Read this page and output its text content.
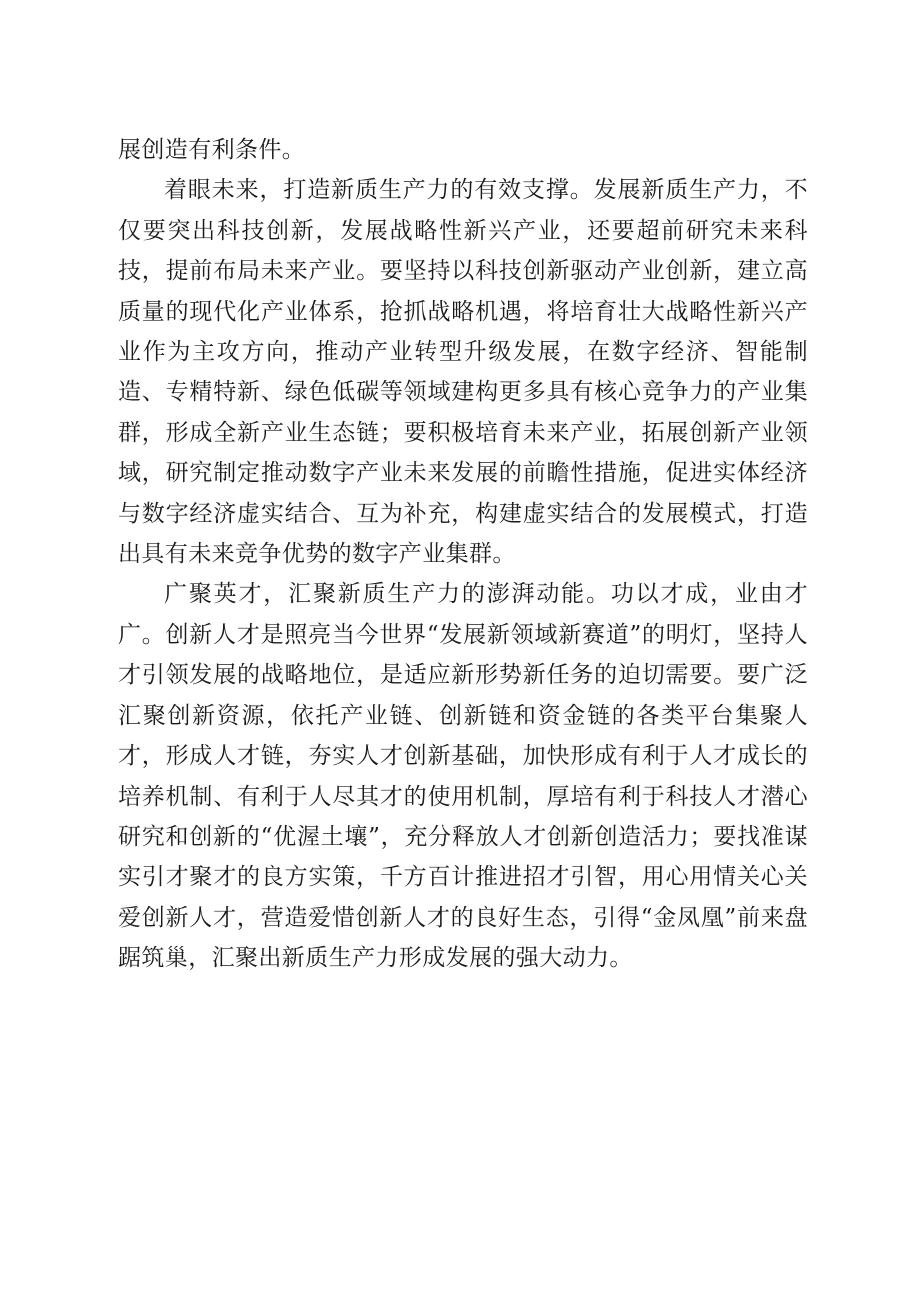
展创造有利条件。

着眼未来，打造新质生产力的有效支撑。发展新质生产力，不仅要突出科技创新，发展战略性新兴产业，还要超前研究未来科技，提前布局未来产业。要坚持以科技创新驱动产业创新，建立高质量的现代化产业体系，抢抓战略机遇，将培育壮大战略性新兴产业作为主攻方向，推动产业转型升级发展，在数字经济、智能制造、专精特新、绿色低碳等领域建构更多具有核心竞争力的产业集群，形成全新产业生态链；要积极培育未来产业，拓展创新产业领域，研究制定推动数字产业未来发展的前瞻性措施，促进实体经济与数字经济虚实结合、互为补充，构建虚实结合的发展模式，打造出具有未来竞争优势的数字产业集群。

广聚英才，汇聚新质生产力的澎湃动能。功以才成，业由才广。创新人才是照亮当今世界“发展新领域新赛道”的明灯，坚持人才引领发展的战略地位，是适应新形势新任务的迫切需要。要广泛汇聚创新资源，依托产业链、创新链和资金链的各类平台集聚人才，形成人才链，夯实人才创新基础，加快形成有利于人才成长的培养机制、有利于人尽其才的使用机制，厚培有利于科技人才潜心研究和创新的“优渥土壤”，充分释放人才创新创造活力；要找准谋实引才聚才的良方实策，千方百计推进招才引智，用心用情关心关爱创新人才，营造爱惜创新人才的良好生态，引得“金凤凰”前来盘踞筑巢，汇聚出新质生产力形成发展的强大动力。
